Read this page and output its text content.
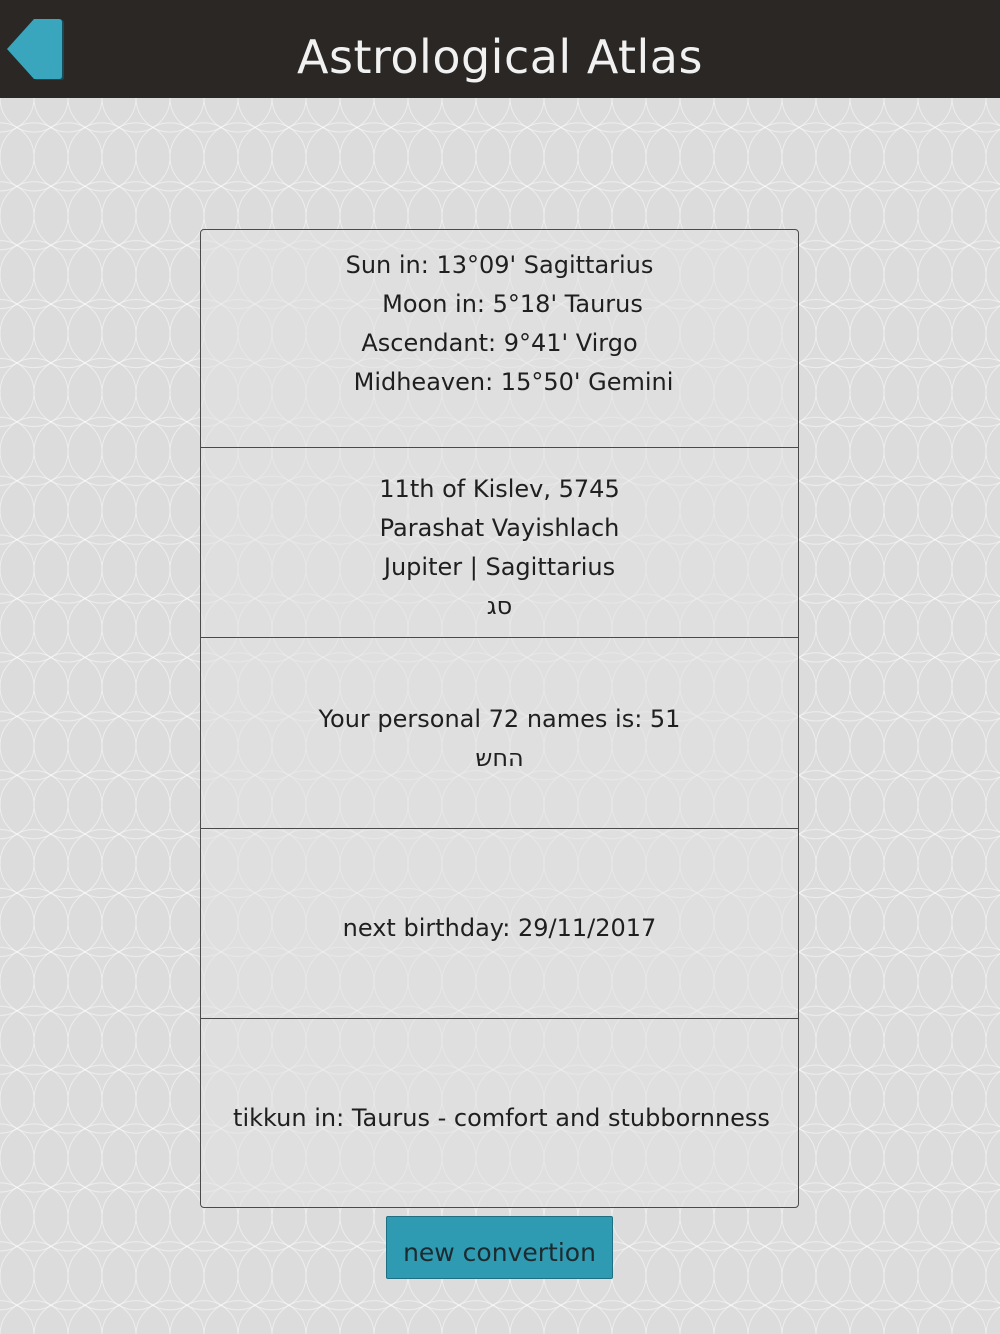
Astrological Atlas
Sun in: 13°09' Sagittarius
Moon in: 5°18' Taurus
Ascendant: 9°41' Virgo
Midheaven: 15°50' Gemini
11th of Kislev, 5745
Parashat Vayishlach
Jupiter | Sagittarius
סג
Your personal 72 names is: 51
החש
next birthday: 29/11/2017
tikkun in: Taurus - comfort and stubbornness
new convertion
